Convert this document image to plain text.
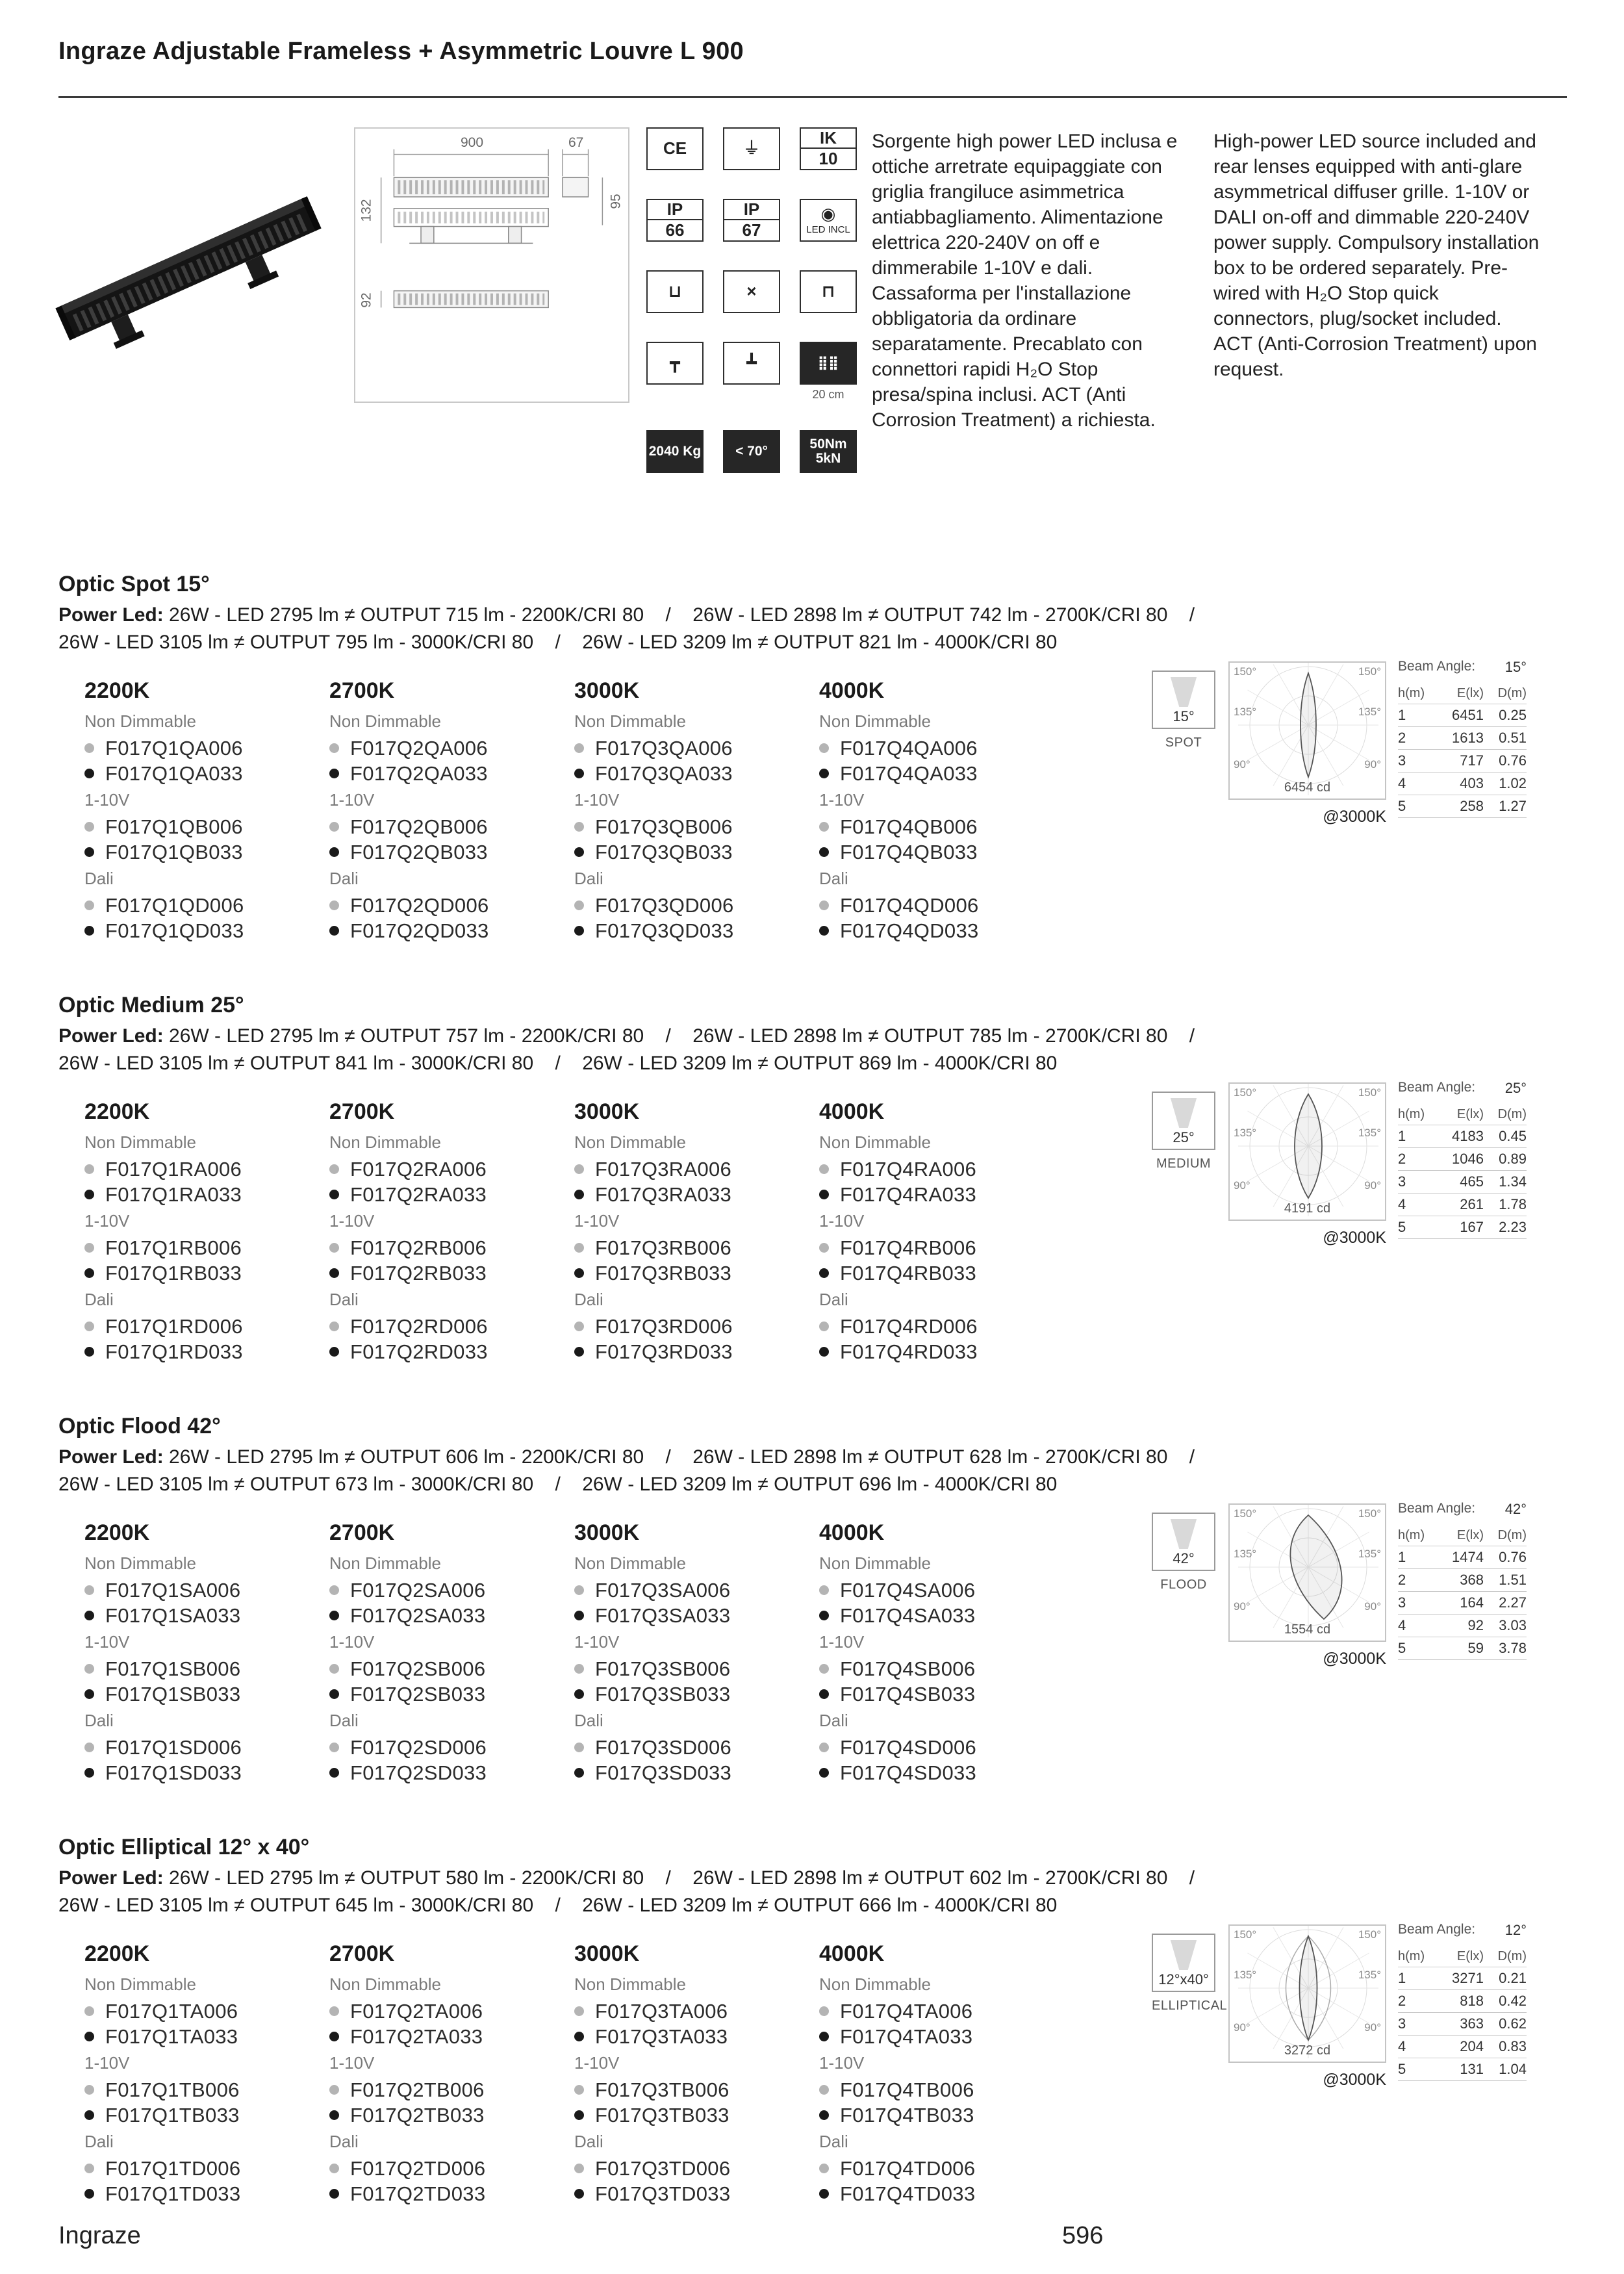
Ingraze Adjustable Frameless + Asymmetric Louvre L 900
900	67
132	95
92
CE	⏚
IK
10
IP
66
IP
67
◉
LED INCL
⊔	×	⊓
┳	┻	⣿⣿
20 cm
2040 Kg	< 70°	50Nm 5kN
Sorgente high power LED inclusa e ottiche arretrate equipaggiate con griglia frangiluce asimmetrica antiabbagliamento. Alimentazione elettrica 220-240V on off e dimmerabile 1-10V e dali. Cassaforma per l'installazione obbligatoria da ordinare separatamente. Precablato con connettori rapidi H₂O Stop presa/spina inclusi. ACT (Anti Corrosion Treatment) a richiesta.
High-power LED source included and rear lenses equipped with anti-glare asymmetrical diffuser grille. 1-10V or DALI on-off and dimmable 220-240V power supply. Compulsory installation box to be ordered separately. Pre-wired with H₂O Stop quick connectors, plug/socket included. ACT (Anti-Corrosion Treatment) upon request.
Optic Spot 15°
Power Led: 26W - LED 2795 lm ≠ OUTPUT 715 lm - 2200K/CRI 80    /    26W - LED 2898 lm ≠ OUTPUT 742 lm - 2700K/CRI 80    /
26W - LED 3105 lm ≠ OUTPUT 795 lm - 3000K/CRI 80    /    26W - LED 3209 lm ≠ OUTPUT 821 lm - 4000K/CRI 80
2200K
Non Dimmable
F017Q1QA006
F017Q1QA033
1-10V
F017Q1QB006
F017Q1QB033
Dali
F017Q1QD006
F017Q1QD033
2700K
Non Dimmable
F017Q2QA006
F017Q2QA033
1-10V
F017Q2QB006
F017Q2QB033
Dali
F017Q2QD006
F017Q2QD033
3000K
Non Dimmable
F017Q3QA006
F017Q3QA033
1-10V
F017Q3QB006
F017Q3QB033
Dali
F017Q3QD006
F017Q3QD033
4000K
Non Dimmable
F017Q4QA006
F017Q4QA033
1-10V
F017Q4QB006
F017Q4QB033
Dali
F017Q4QD006
F017Q4QD033
15°
SPOT
150°	150°
135°	135°
90°	90°
6454 cd
@3000K
Beam Angle: 15°
h(m)	E(lx)	D(m)
1	6451	0.25
2	1613	0.51
3	717	0.76
4	403	1.02
5	258	1.27
Optic Medium 25°
Power Led: 26W - LED 2795 lm ≠ OUTPUT 757 lm - 2200K/CRI 80    /    26W - LED 2898 lm ≠ OUTPUT 785 lm - 2700K/CRI 80    /
26W - LED 3105 lm ≠ OUTPUT 841 lm - 3000K/CRI 80    /    26W - LED 3209 lm ≠ OUTPUT 869 lm - 4000K/CRI 80
2200K
Non Dimmable
F017Q1RA006
F017Q1RA033
1-10V
F017Q1RB006
F017Q1RB033
Dali
F017Q1RD006
F017Q1RD033
2700K
Non Dimmable
F017Q2RA006
F017Q2RA033
1-10V
F017Q2RB006
F017Q2RB033
Dali
F017Q2RD006
F017Q2RD033
3000K
Non Dimmable
F017Q3RA006
F017Q3RA033
1-10V
F017Q3RB006
F017Q3RB033
Dali
F017Q3RD006
F017Q3RD033
4000K
Non Dimmable
F017Q4RA006
F017Q4RA033
1-10V
F017Q4RB006
F017Q4RB033
Dali
F017Q4RD006
F017Q4RD033
25°
MEDIUM
150°	150°
135°	135°
90°	90°
4191 cd
@3000K
Beam Angle: 25°
h(m)	E(lx)	D(m)
1	4183	0.45
2	1046	0.89
3	465	1.34
4	261	1.78
5	167	2.23
Optic Flood 42°
Power Led: 26W - LED 2795 lm ≠ OUTPUT 606 lm - 2200K/CRI 80    /    26W - LED 2898 lm ≠ OUTPUT 628 lm - 2700K/CRI 80    /
26W - LED 3105 lm ≠ OUTPUT 673 lm - 3000K/CRI 80    /    26W - LED 3209 lm ≠ OUTPUT 696 lm - 4000K/CRI 80
2200K
Non Dimmable
F017Q1SA006
F017Q1SA033
1-10V
F017Q1SB006
F017Q1SB033
Dali
F017Q1SD006
F017Q1SD033
2700K
Non Dimmable
F017Q2SA006
F017Q2SA033
1-10V
F017Q2SB006
F017Q2SB033
Dali
F017Q2SD006
F017Q2SD033
3000K
Non Dimmable
F017Q3SA006
F017Q3SA033
1-10V
F017Q3SB006
F017Q3SB033
Dali
F017Q3SD006
F017Q3SD033
4000K
Non Dimmable
F017Q4SA006
F017Q4SA033
1-10V
F017Q4SB006
F017Q4SB033
Dali
F017Q4SD006
F017Q4SD033
42°
FLOOD
150°	150°
135°	135°
90°	90°
1554 cd
@3000K
Beam Angle: 42°
h(m)	E(lx)	D(m)
1	1474	0.76
2	368	1.51
3	164	2.27
4	92	3.03
5	59	3.78
Optic Elliptical 12° x 40°
Power Led: 26W - LED 2795 lm ≠ OUTPUT 580 lm - 2200K/CRI 80    /    26W - LED 2898 lm ≠ OUTPUT 602 lm - 2700K/CRI 80    /
26W - LED 3105 lm ≠ OUTPUT 645 lm - 3000K/CRI 80    /    26W - LED 3209 lm ≠ OUTPUT 666 lm - 4000K/CRI 80
2200K
Non Dimmable
F017Q1TA006
F017Q1TA033
1-10V
F017Q1TB006
F017Q1TB033
Dali
F017Q1TD006
F017Q1TD033
2700K
Non Dimmable
F017Q2TA006
F017Q2TA033
1-10V
F017Q2TB006
F017Q2TB033
Dali
F017Q2TD006
F017Q2TD033
3000K
Non Dimmable
F017Q3TA006
F017Q3TA033
1-10V
F017Q3TB006
F017Q3TB033
Dali
F017Q3TD006
F017Q3TD033
4000K
Non Dimmable
F017Q4TA006
F017Q4TA033
1-10V
F017Q4TB006
F017Q4TB033
Dali
F017Q4TD006
F017Q4TD033
12°x40°
ELLIPTICAL
150°	150°
135°	135°
90°	90°
3272 cd
@3000K
Beam Angle: 12°
h(m)	E(lx)	D(m)
1	3271	0.21
2	818	0.42
3	363	0.62
4	204	0.83
5	131	1.04
Ingraze	596
